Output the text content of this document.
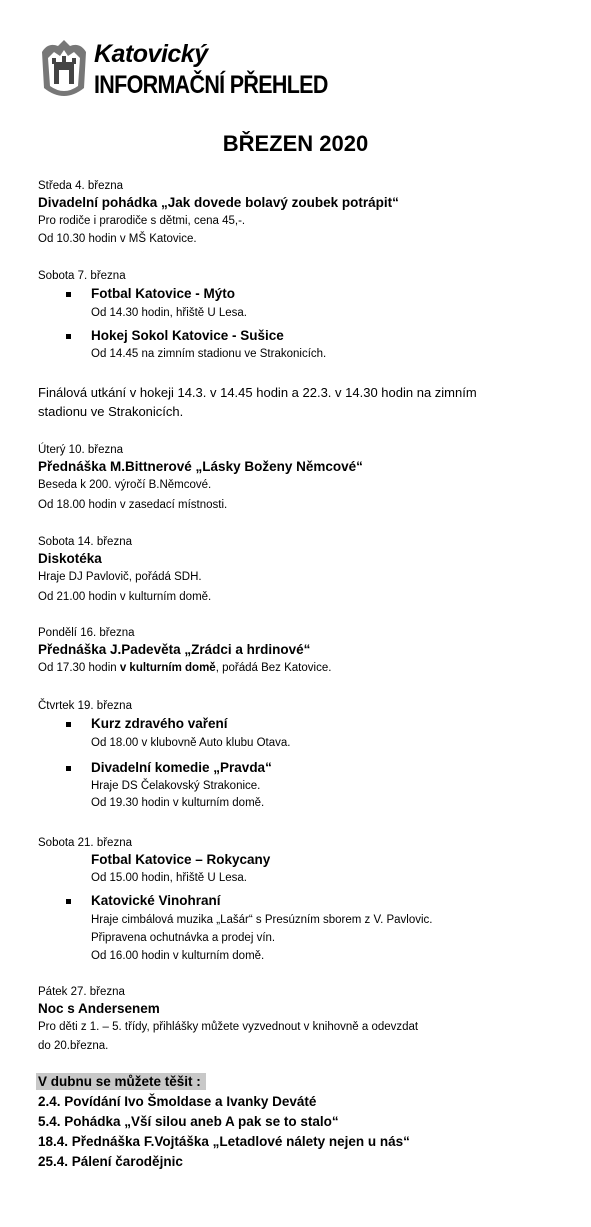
Katovický
INFORMAČNÍ PŘEHLED
BŘEZEN 2020
Středa 4. března
Divadelní pohádka „Jak dovede bolavý zoubek potrápit“
Pro rodiče i prarodiče s dětmi, cena 45,-.
Od 10.30 hodin v MŠ Katovice.
Sobota 7. března
Fotbal Katovice - Mýto
Od 14.30 hodin, hřiště U Lesa.
Hokej Sokol Katovice - Sušice
Od 14.45 na zimním stadionu ve Strakonicích.
Finálová utkání v hokeji 14.3. v 14.45 hodin a 22.3. v 14.30 hodin na zimním
stadionu ve Strakonicích.
Úterý 10. března
Přednáška M.Bittnerové „Lásky Boženy Němcové“
Beseda k 200. výročí B.Němcové.
Od 18.00 hodin v zasedací místnosti.
Sobota 14. března
Diskotéka
Hraje DJ Pavlovič, pořádá SDH.
Od 21.00 hodin v kulturním domě.
Pondělí 16. března
Přednáška J.Padevěta „Zrádci a hrdinové“
Od 17.30 hodin v kulturním domě, pořádá Bez Katovice.
Čtvrtek 19. března
Kurz zdravého vaření
Od 18.00 v klubovně Auto klubu Otava.
Divadelní komedie „Pravda“
Hraje DS Čelakovský Strakonice.
Od 19.30 hodin v kulturním domě.
Sobota 21. března
Fotbal Katovice – Rokycany
Od 15.00 hodin, hřiště U Lesa.
Katovické Vinohraní
Hraje cimbálová muzika „Lašár“ s Presúzním sborem z V. Pavlovic.
Připravena ochutnávka a prodej vín.
Od 16.00 hodin v kulturním domě.
Pátek 27. března
Noc s Andersenem
Pro děti z 1. – 5. třídy, přihlášky můžete vyzvednout v knihovně a odevzdat
do 20.března.
V dubnu se můžete těšit :
2.4. Povídání Ivo Šmoldase a Ivanky Deváté
5.4. Pohádka „Vší silou aneb A pak se to stalo“
18.4. Přednáška F.Vojtáška „Letadlové nálety nejen u nás“
25.4. Pálení čarodějnic
